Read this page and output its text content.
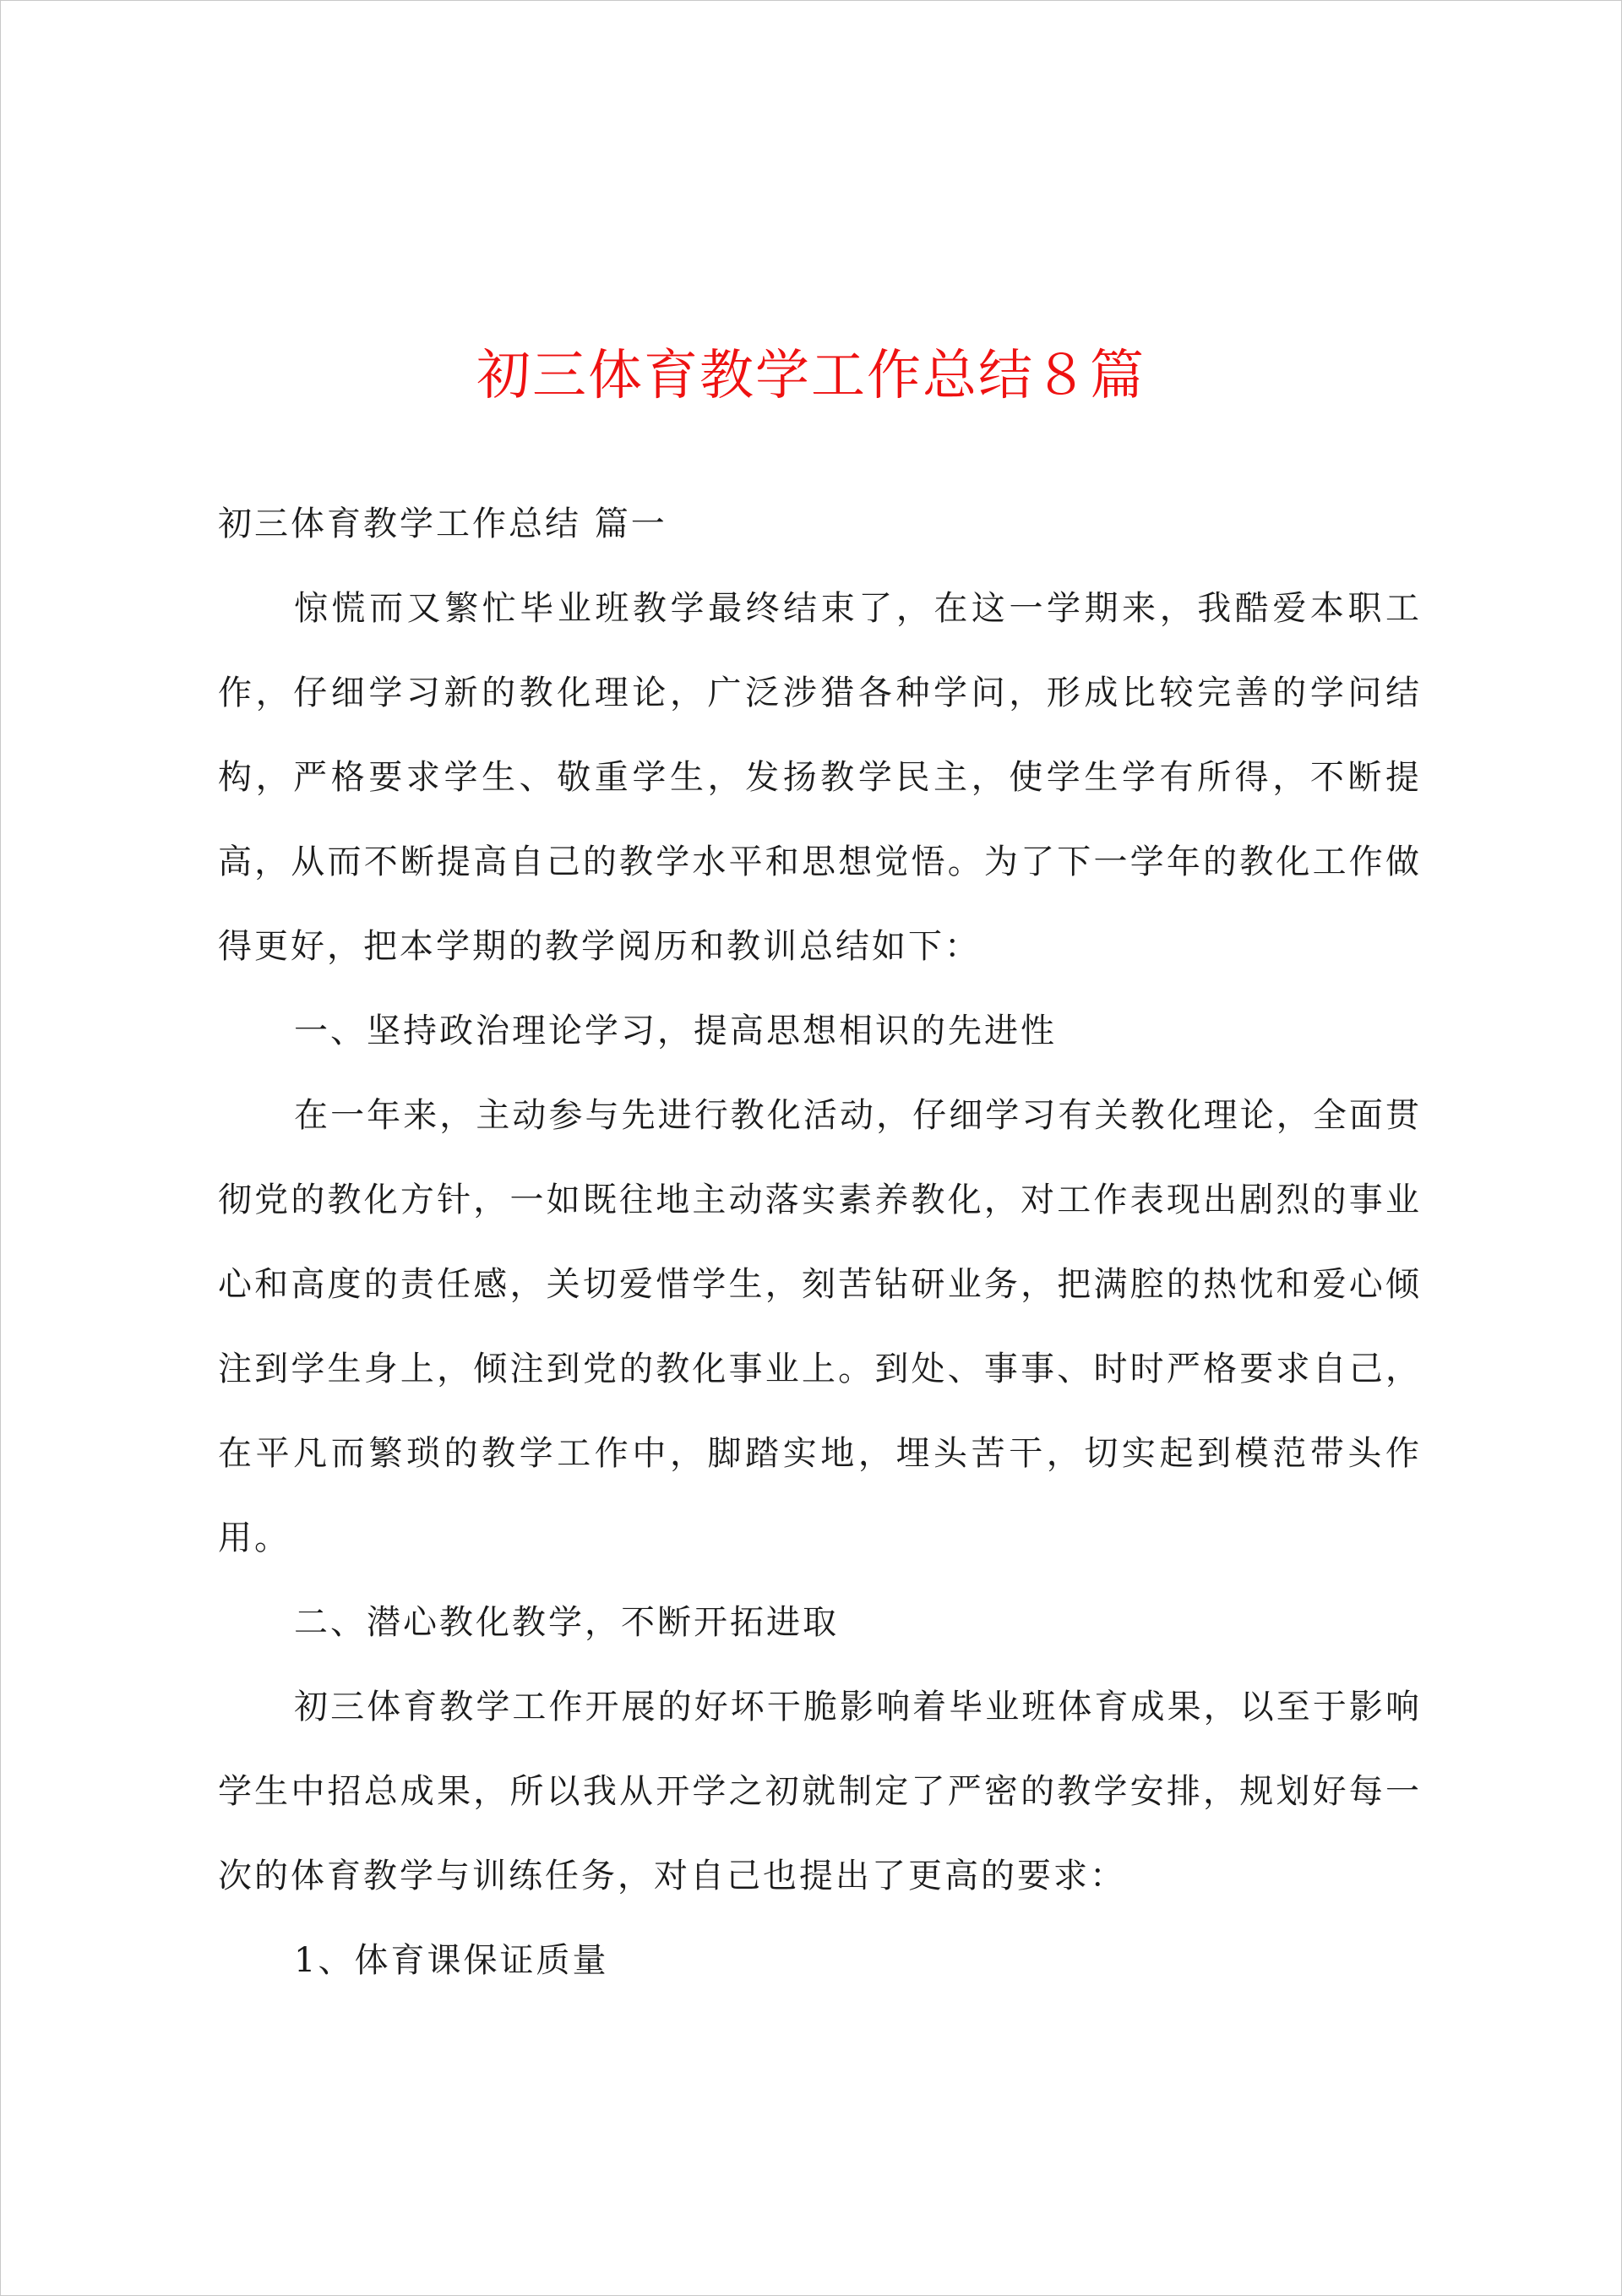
初三体育教学工作总结８篇

初三体育教学工作总结 篇一

惊慌而又繁忙毕业班教学最终结束了，在这一学期来，我酷爱本职工作，仔细学习新的教化理论，广泛涉猎各种学问，形成比较完善的学问结构，严格要求学生、敬重学生，发扬教学民主，使学生学有所得，不断提高，从而不断提高自己的教学水平和思想觉悟。为了下一学年的教化工作做得更好，把本学期的教学阅历和教训总结如下：

一、坚持政治理论学习，提高思想相识的先进性

在一年来，主动参与先进行教化活动，仔细学习有关教化理论，全面贯彻党的教化方针，一如既往地主动落实素养教化，对工作表现出剧烈的事业心和高度的责任感，关切爱惜学生，刻苦钻研业务，把满腔的热忱和爱心倾注到学生身上，倾注到党的教化事业上。到处、事事、时时严格要求自己，在平凡而繁琐的教学工作中，脚踏实地，埋头苦干，切实起到模范带头作用。

二、潜心教化教学，不断开拓进取

初三体育教学工作开展的好坏干脆影响着毕业班体育成果，以至于影响学生中招总成果，所以我从开学之初就制定了严密的教学安排，规划好每一次的体育教学与训练任务，对自己也提出了更高的要求：

1、体育课保证质量
